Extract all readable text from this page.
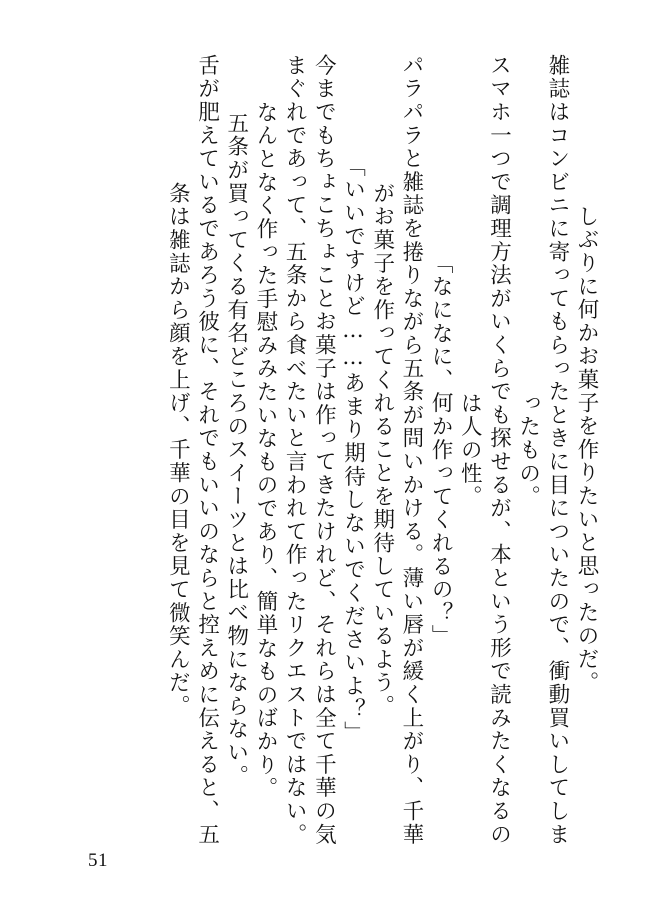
しぶりに何かお菓子を作りたいと思ったのだ。
雑誌はコンビニに寄ってもらったときに目についたので、衝動買いしてしま
ったもの。
スマホ一つで調理方法がいくらでも探せるが、本という形で読みたくなるの
は人の性。
「なになに、何か作ってくれるの？」
パラパラと雑誌を捲りながら五条が問いかける。薄い唇が緩く上がり、千華
がお菓子を作ってくれることを期待しているよう。
「いいですけど……あまり期待しないでくださいよ？」
今までもちょこちょことお菓子は作ってきたけれど、それらは全て千華の気
まぐれであって、五条から食べたいと言われて作ったリクエストではない。
なんとなく作った手慰みみたいなものであり、簡単なものばかり。
五条が買ってくる有名どころのスイーツとは比べ物にならない。
舌が肥えているであろう彼に、それでもいいのならと控えめに伝えると、五
条は雑誌から顔を上げ、千華の目を見て微笑んだ。
51
